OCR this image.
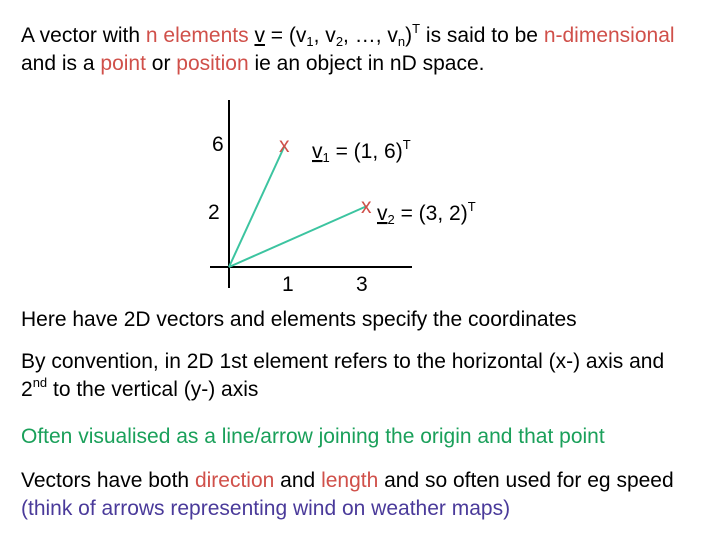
A vector with n elements $v = (v_1$, $v_2$, …, $v_n)^T$ is said to be n-dimensional and is a point or position ie an object in nD space.

6
2
1	3
x
x
v1 = (1, 6)$^T$
v2 = (3, 2)$^T$

Here have 2D vectors and elements specify the coordinates

By convention, in 2D 1st element refers to the horizontal (x-) axis and 2nd to the vertical (y-) axis

Often visualised as a line/arrow joining the origin and that point

Vectors have both direction and length and so often used for eg speed (think of arrows representing wind on weather maps)
